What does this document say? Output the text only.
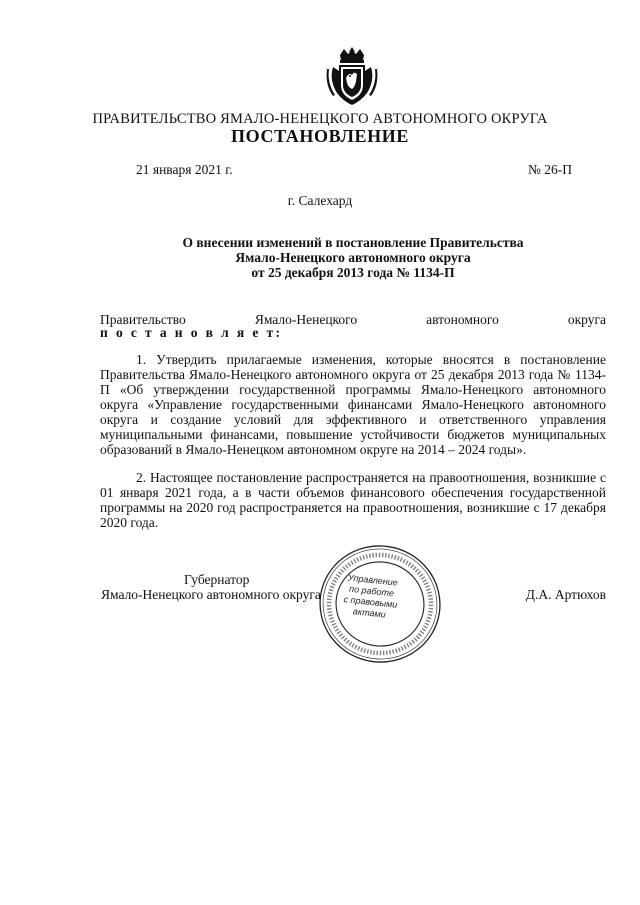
ПРАВИТЕЛЬСТВО ЯМАЛО-НЕНЕЦКОГО АВТОНОМНОГО ОКРУГА
ПОСТАНОВЛЕНИЕ
21 января 2021 г.	№ 26-П
г. Салехард
О внесении изменений в постановление Правительства
Ямало-Ненецкого автономного округа
от 25 декабря 2013 года № 1134-П
Правительство Ямало-Ненецкого автономного округа
п о с т а н о в л я е т:
1. Утвердить прилагаемые изменения, которые вносятся в постановление Правительства Ямало-Ненецкого автономного округа от 25 декабря 2013 года № 1134-П «Об утверждении государственной программы Ямало-Ненецкого автономного округа «Управление государственными финансами Ямало-Ненецкого автономного округа и создание условий для эффективного и ответственного управления муниципальными финансами, повышение устойчивости бюджетов муниципальных образований в Ямало-Ненецком автономном округе на 2014 – 2024 годы».
2. Настоящее постановление распространяется на правоотношения, возникшие с 01 января 2021 года, а в части объемов финансового обеспечения государственной программы на 2020 год распространяется на правоотношения, возникшие с 17 декабря 2020 года.
Управление
по работе
с правовыми
актами
Губернатор
Ямало-Ненецкого автономного округа	Д.А. Артюхов
